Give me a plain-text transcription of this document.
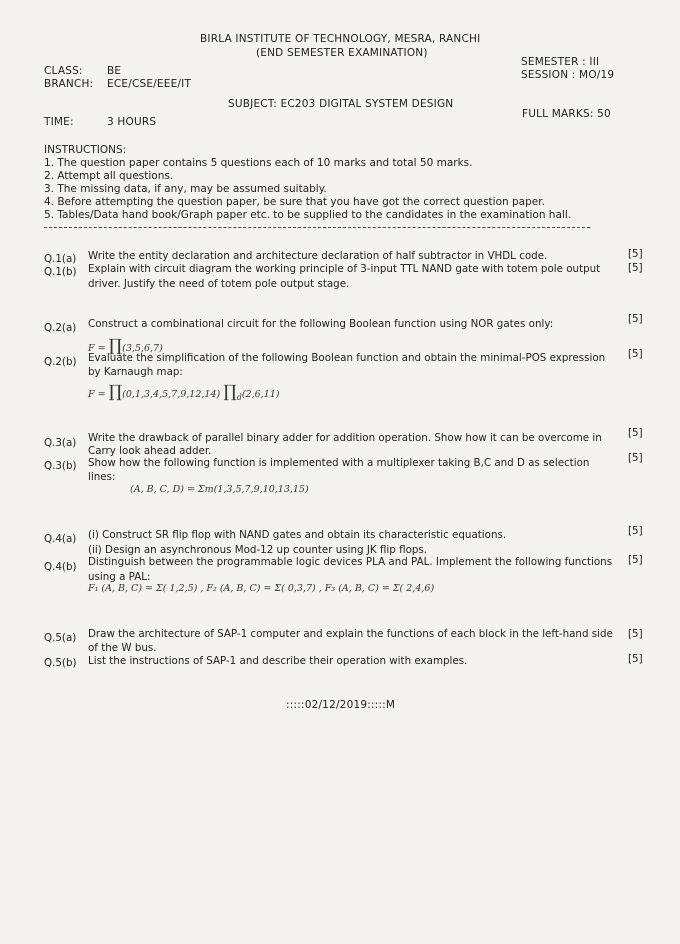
BIRLA INSTITUTE OF TECHNOLOGY, MESRA, RANCHI
(END SEMESTER EXAMINATION)
CLASS: BE
BRANCH: ECE/CSE/EEE/IT
SEMESTER : III
SESSION : MO/19
SUBJECT: EC203 DIGITAL SYSTEM DESIGN
TIME:	3 HOURS
FULL MARKS: 50
INSTRUCTIONS:
1. The question paper contains 5 questions each of 10 marks and total 50 marks.
2. Attempt all questions.
3. The missing data, if any, may be assumed suitably.
4. Before attempting the question paper, be sure that you have got the correct question paper.
5. Tables/Data hand book/Graph paper etc. to be supplied to the candidates in the examination hall.
Q.1(a) Write the entity declaration and architecture declaration of half subtractor in VHDL code.	[5]
Q.1(b) Explain with circuit diagram the working principle of 3-input TTL NAND gate with totem pole output
driver. Justify the need of totem pole output stage.
[5]
Q.2(a) Construct a combinational circuit for the following Boolean function using NOR gates only:	[5]
F = ∏(3,5,6,7)
Q.2(b) Evaluate the simplification of the following Boolean function and obtain the minimal-POS expression
by Karnaugh map:
[5]
F = ∏(0,1,3,4,5,7,9,12,14) $\prod_d(2,6,11)$
Q.3(a) Write the drawback of parallel binary adder for addition operation. Show how it can be overcome in
Carry look ahead adder.
[5]
Q.3(b) Show how the following function is implemented with a multiplexer taking B,C and D as selection
lines:
[5]
(A, B, C, D) = Σm(1,3,5,7,9,10,13,15)
Q.4(a) (i) Construct SR flip flop with NAND gates and obtain its characteristic equations.
(ii) Design an asynchronous Mod-12 up counter using JK flip flops.
[5]
Q.4(b) Distinguish between the programmable logic devices PLA and PAL. Implement the following functions
using a PAL:
[5]
F₁ (A, B, C) = Σ( 1,2,5) , F₂ (A, B, C) = Σ( 0,3,7) , F₃ (A, B, C) = Σ( 2,4,6)
Q.5(a) Draw the architecture of SAP-1 computer and explain the functions of each block in the left-hand side
of the W bus.
[5]
Q.5(b) List the instructions of SAP-1 and describe their operation with examples.	[5]
:::::02/12/2019:::::M
